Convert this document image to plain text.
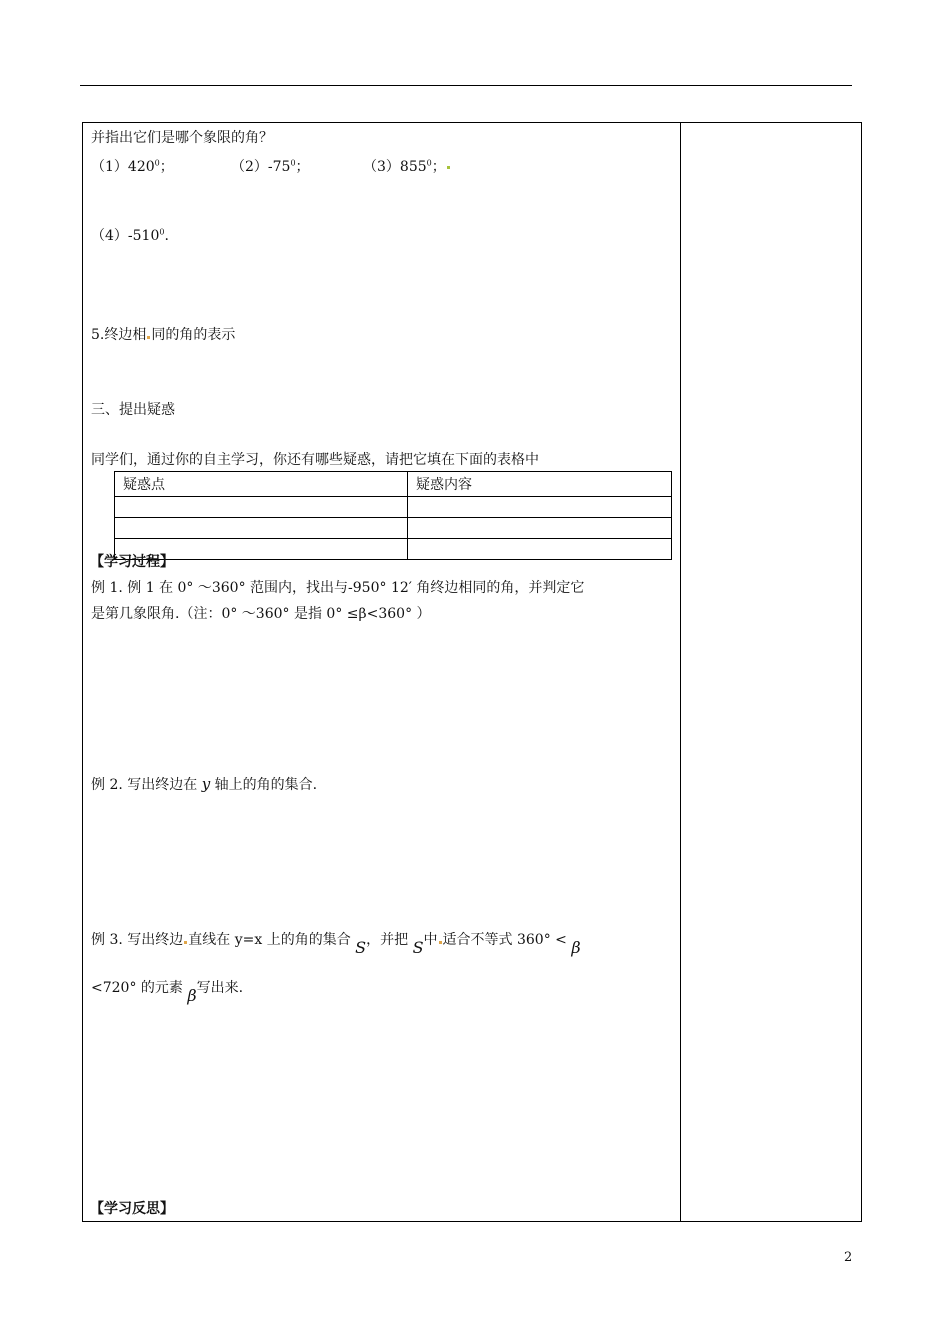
并指出它们是哪个象限的角？
$(1)420^0$；	$(2)-75^0$；	$(3)855^0$；
$(4)-510^0$.
5.终边相 同的角的表示
三、提出疑惑
同学们，通过你的自主学习，你还有哪些疑惑，请把它填在下面的表格中
疑惑点	疑惑内容

【学习过程】
例 1. 例 1 在 0° ～360° 范围内，找出与-950° 12′ 角终边相同的角，并判定它
是第几象限角.（注：0° ～360° 是指 0° ≤β<360° ）
例 2. 写出终边在 y 轴上的角的集合.
例 3. 写出终边 直线在 y=x 上的角的集合 S，并把 S中 适合不等式 360° < β
<720° 的元素 β写出来.
【学习反思】
2
